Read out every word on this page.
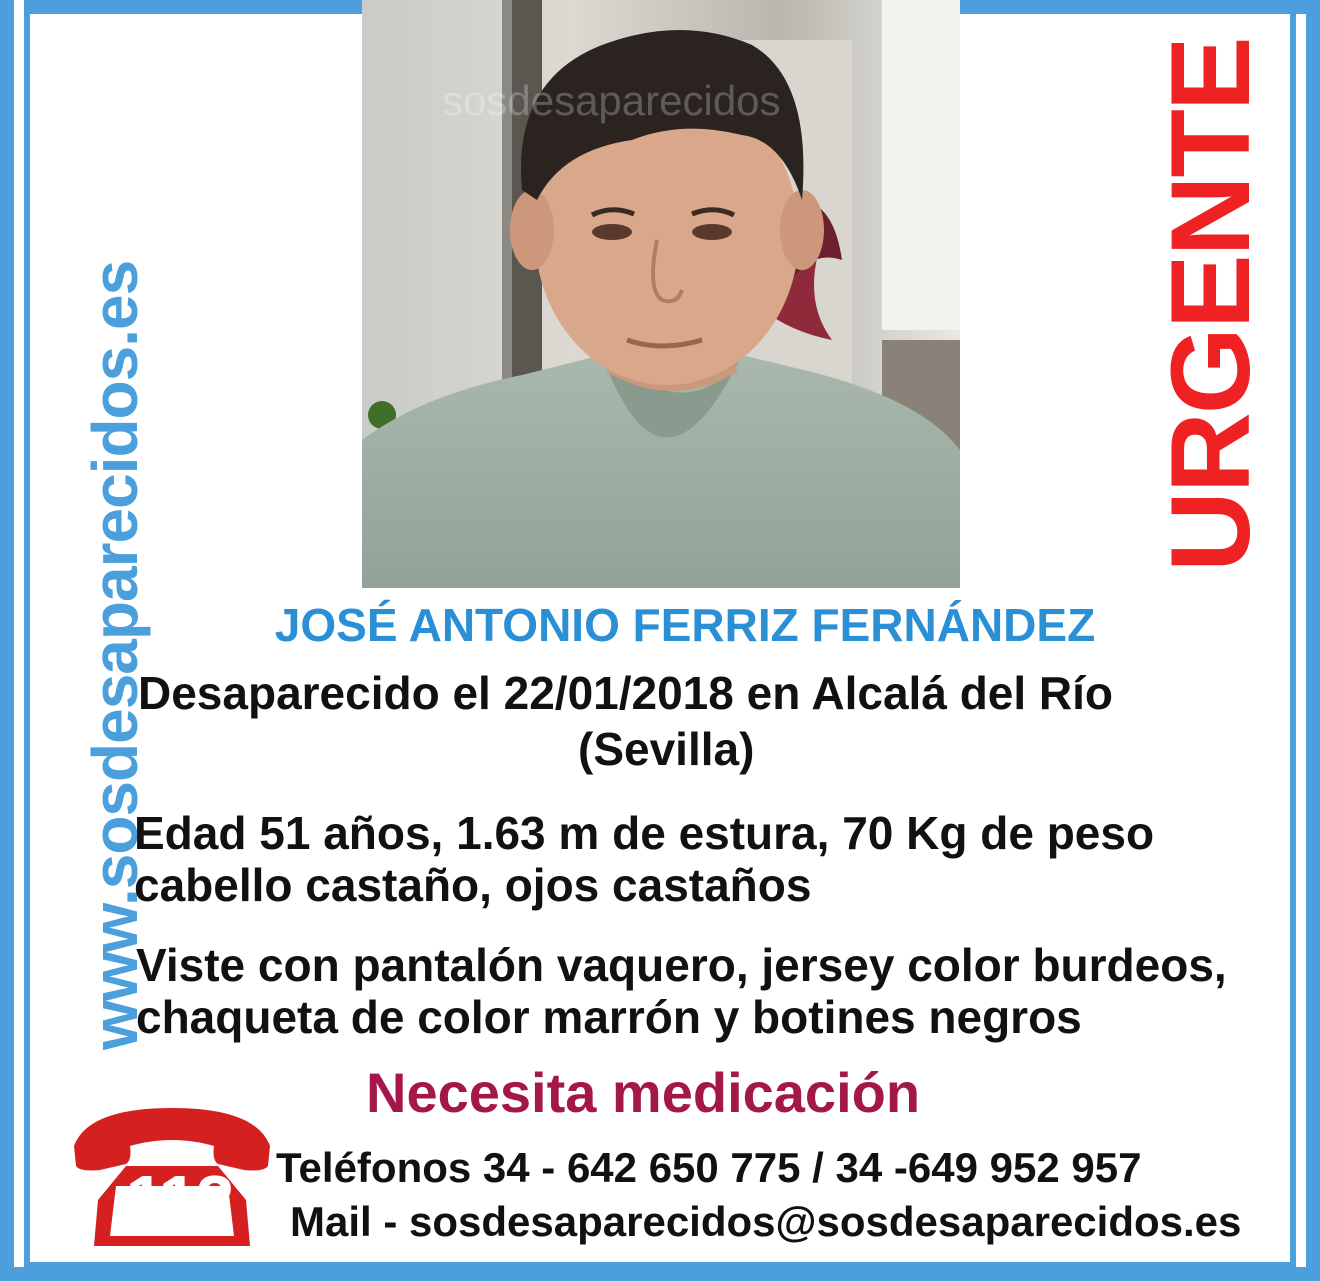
www.sosdesaparecidos.es
sosdesaparecidos	URGENTE
JOSÉ ANTONIO FERRIZ FERNÁNDEZ
Desaparecido el 22/01/2018 en Alcalá del Río
(Sevilla)
Edad 51 años, 1.63 m de estura, 70 Kg de peso
cabello castaño, ojos castaños
Viste con pantalón vaquero, jersey color burdeos,
chaqueta de color marrón y botines negros
Necesita medicación
112	Teléfonos 34 - 642 650 775 / 34 -649 952 957
Mail - sosdesaparecidos@sosdesaparecidos.es
